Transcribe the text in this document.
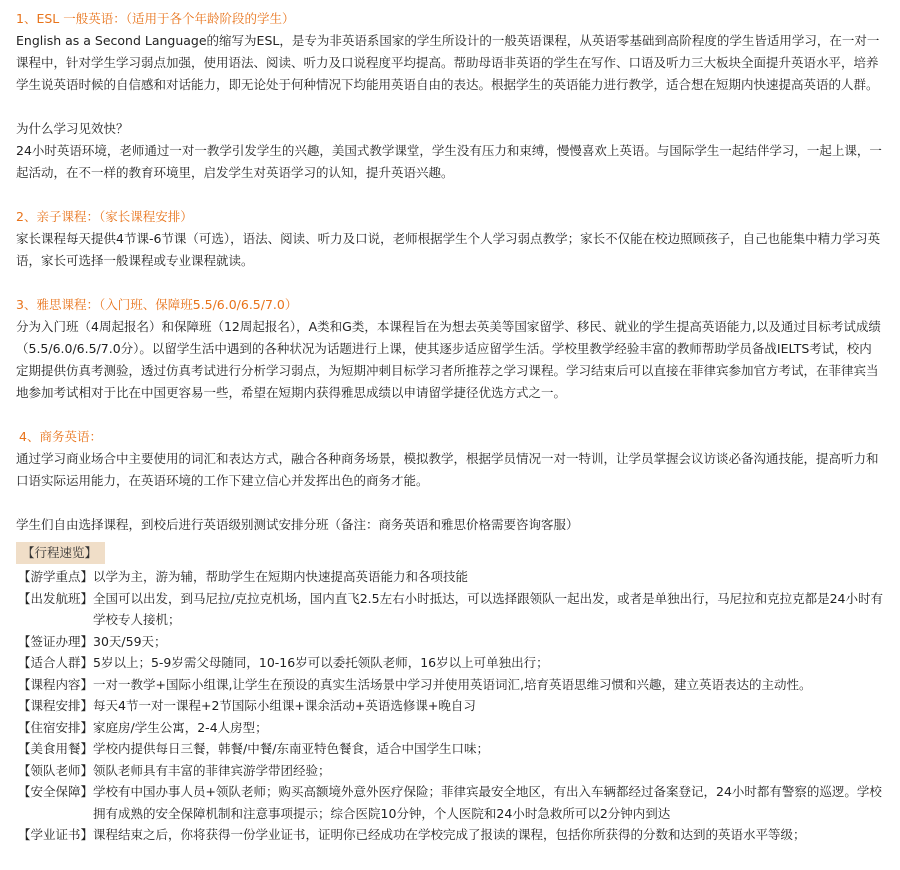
1、ESL 一般英语：（适用于各个年龄阶段的学生）

English as a Second Language的缩写为ESL，是专为非英语系国家的学生所设计的一般英语课程，从英语零基础到高阶程度的学生皆适用学习，在一对一课程中，针对学生学习弱点加强，使用语法、阅读、听力及口说程度平均提高。帮助母语非英语的学生在写作、口语及听力三大板块全面提升英语水平，培养学生说英语时候的自信感和对话能力，即无论处于何种情况下均能用英语自由的表达。根据学生的英语能力进行教学，适合想在短期内快速提高英语的人群。

为什么学习见效快？

24小时英语环境，老师通过一对一教学引发学生的兴趣，美国式教学课堂，学生没有压力和束缚，慢慢喜欢上英语。与国际学生一起结伴学习，一起上课，一起活动，在不一样的教育环境里，启发学生对英语学习的认知，提升英语兴趣。

2、亲子课程：（家长课程安排）

家长课程每天提供4节课-6节课（可选），语法、阅读、听力及口说，老师根据学生个人学习弱点教学；家长不仅能在校边照顾孩子，自己也能集中精力学习英语，家长可选择一般课程或专业课程就读。

3、雅思课程：（入门班、保障班5.5/6.0/6.5/7.0）

分为入门班（4周起报名）和保障班（12周起报名），A类和G类，本课程旨在为想去英美等国家留学、移民、就业的学生提高英语能力,以及通过目标考试成绩（5.5/6.0/6.5/7.0分）。以留学生活中遇到的各种状况为话题进行上课，使其逐步适应留学生活。学校里教学经验丰富的教师帮助学员备战IELTS考试，校内定期提供仿真考测验，透过仿真考试进行分析学习弱点，为短期冲刺目标学习者所推荐之学习课程。学习结束后可以直接在菲律宾参加官方考试，在菲律宾当地参加考试相对于比在中国更容易一些，希望在短期内获得雅思成绩以申请留学捷径优选方式之一。

4、商务英语：

通过学习商业场合中主要使用的词汇和表达方式，融合各种商务场景，模拟教学，根据学员情况一对一特训，让学员掌握会议访谈必备沟通技能，提高听力和口语实际运用能力，在英语环境的工作下建立信心并发挥出色的商务才能。

学生们自由选择课程，到校后进行英语级别测试安排分班（备注：商务英语和雅思价格需要咨询客服）

【行程速览】
【游学重点】 以学为主，游为辅，帮助学生在短期内快速提高英语能力和各项技能
【出发航班】 全国可以出发，到马尼拉/克拉克机场，国内直飞2.5左右小时抵达，可以选择跟领队一起出发，或者是单独出行，马尼拉和克拉克都是24小时有学校专人接机；
【签证办理】 30天/59天；
【适合人群】 5岁以上；5-9岁需父母随同，10-16岁可以委托领队老师，16岁以上可单独出行；
【课程内容】 一对一教学+国际小组课,让学生在预设的真实生活场景中学习并使用英语词汇,培育英语思维习惯和兴趣，建立英语表达的主动性。
【课程安排】 每天4节一对一课程+2节国际小组课+课余活动+英语选修课+晚自习
【住宿安排】 家庭房/学生公寓，2-4人房型；
【美食用餐】 学校内提供每日三餐，韩餐/中餐/东南亚特色餐食，适合中国学生口味；
【领队老师】 领队老师具有丰富的菲律宾游学带团经验；
【安全保障】 学校有中国办事人员+领队老师；购买高额境外意外医疗保险；菲律宾最安全地区，有出入车辆都经过备案登记，24小时都有警察的巡逻。学校拥有成熟的安全保障机制和注意事项提示；综合医院10分钟，个人医院和24小时急救所可以2分钟内到达
【学业证书】 课程结束之后，你将获得一份学业证书，证明你已经成功在学校完成了报读的课程，包括你所获得的分数和达到的英语水平等级；
